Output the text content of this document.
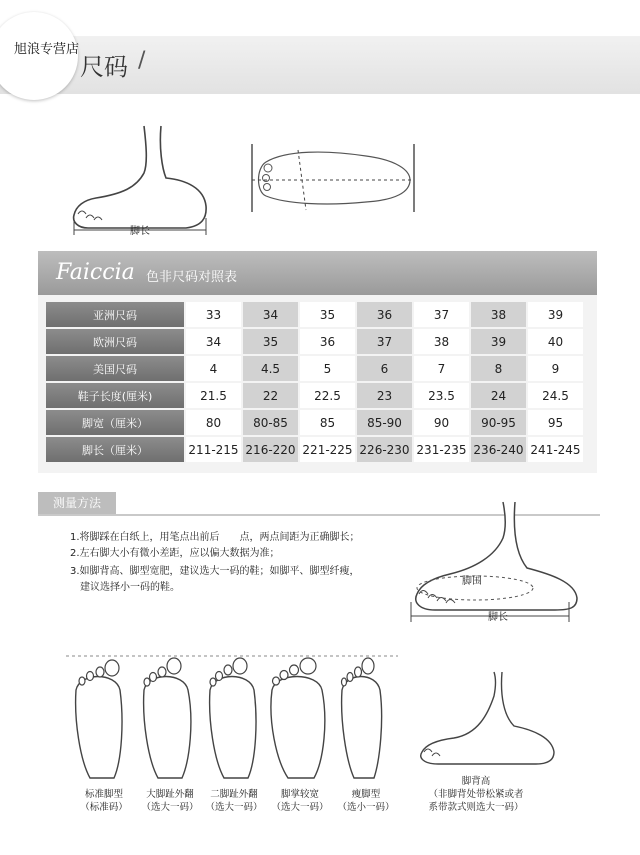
旭浪专营店
尺码 /
脚长
Faiccia 色非尺码对照表
亚洲尺码	33	34	35	36	37	38	39
欧洲尺码	34	35	36	37	38	39	40
美国尺码	4	4.5	5	6	7	8	9
鞋子长度(厘米)	21.5	22	22.5	23	23.5	24	24.5
脚宽（厘米）	80	80-85	85	85-90	90	90-95	95
脚长（厘米）	211-215	216-220	221-225	226-230	231-235	236-240	241-245
测量方法
1.将脚踩在白纸上，用笔点出前后　　点，两点间距为正确脚长；
2.左右脚大小有微小差距，应以偏大数据为准；
3.如脚背高、脚型宽肥，建议选大一码的鞋；如脚平、脚型纤瘦，
建议选择小一码的鞋。
脚围
脚长
标准脚型
（标准码）
大脚趾外翻
（选大一码）
二脚趾外翻
（选大一码）
脚掌较宽
（选大一码）
瘦脚型
（选小一码）
脚背高
（非脚背处带松紧或者
系带款式则选大一码）
